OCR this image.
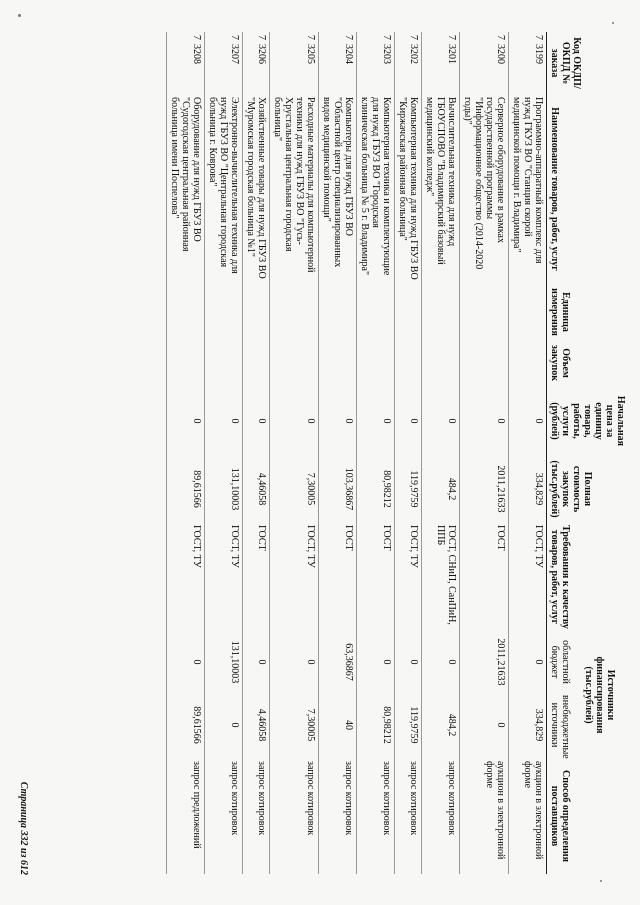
Код ОКДП/ ОКПД № заказа	Наименование товаров, работ, услуг	Единица измерения	Объем закупок	Начальная цена за единицу товара, работы, услуги (рублей)	Полная стоимость закупок (тыс.рублей)	Требования к качеству товаров, работ, услуг	Источники финансирования (тыс.рублей)		Способ определения поставщиков
							областной бюджет	внебюджетные источники	
73199	Программно-аппаратный комплекс для нужд ГКУЗ ВО "Станция скорой медицинской помощи г. Владимира"			0	334,829	ГОСТ, ТУ	0	334,829	аукцион в электронной форме
73200	Серверное оборудование в рамках государственной программы "Информационное общество (2014-2020 годы)"			0	2011,21633	ГОСТ	2011,21633	0	аукцион в электронной форме
73201	Вычислительная техника для нужд ГБОУСПОВО "Владимирский базовый медицинский колледж"			0	484,2	ГОСТ, СНиП, СанПиН, ППБ	0	484,2	запрос котировок
73202	Компьютерная техника для нужд ГБУЗ ВО "Киржачская районная больница"			0	119,9759	ГОСТ, ТУ	0	119,9759	запрос котировок
73203	Компьютерная техника и комплектующие для нужд ГБУЗ ВО "Городская клиническая больница № 5 г. Владимира"			0	80,98212	ГОСТ	0	80,98212	запрос котировок
73204	Компьютеры для нужд ГБУЗ ВО "Областной центр специализированных видов медицинской помощи"			0	103,36867	ГОСТ	63,36867	40	запрос котировок
73205	Расходные материалы для компьютерной техники для нужд ГБУЗ ВО "Гусь-Хрустальная центральная городская больница"			0	7,30005	ГОСТ, ТУ	0	7,30005	запрос котировок
73206	Хозяйственные товары для нужд ГБУЗ ВО "Муромская городская больница №1"			0	4,46058	ГОСТ	0	4,46058	запрос котировок
73207	Электронно-вычислительная техника для нужд ГБУЗ ВО "Центральная городская больница г. Коврова"			0	131,10003	ГОСТ, ТУ	131,10003	0	запрос котировок
73208	Оборудование для нужд ГБУЗ ВО "Судогодская центральная районная больница имени Поспелова"			0	89,61566	ГОСТ, ТУ	0	89,61566	запрос предложений
Страница 332 из 612
